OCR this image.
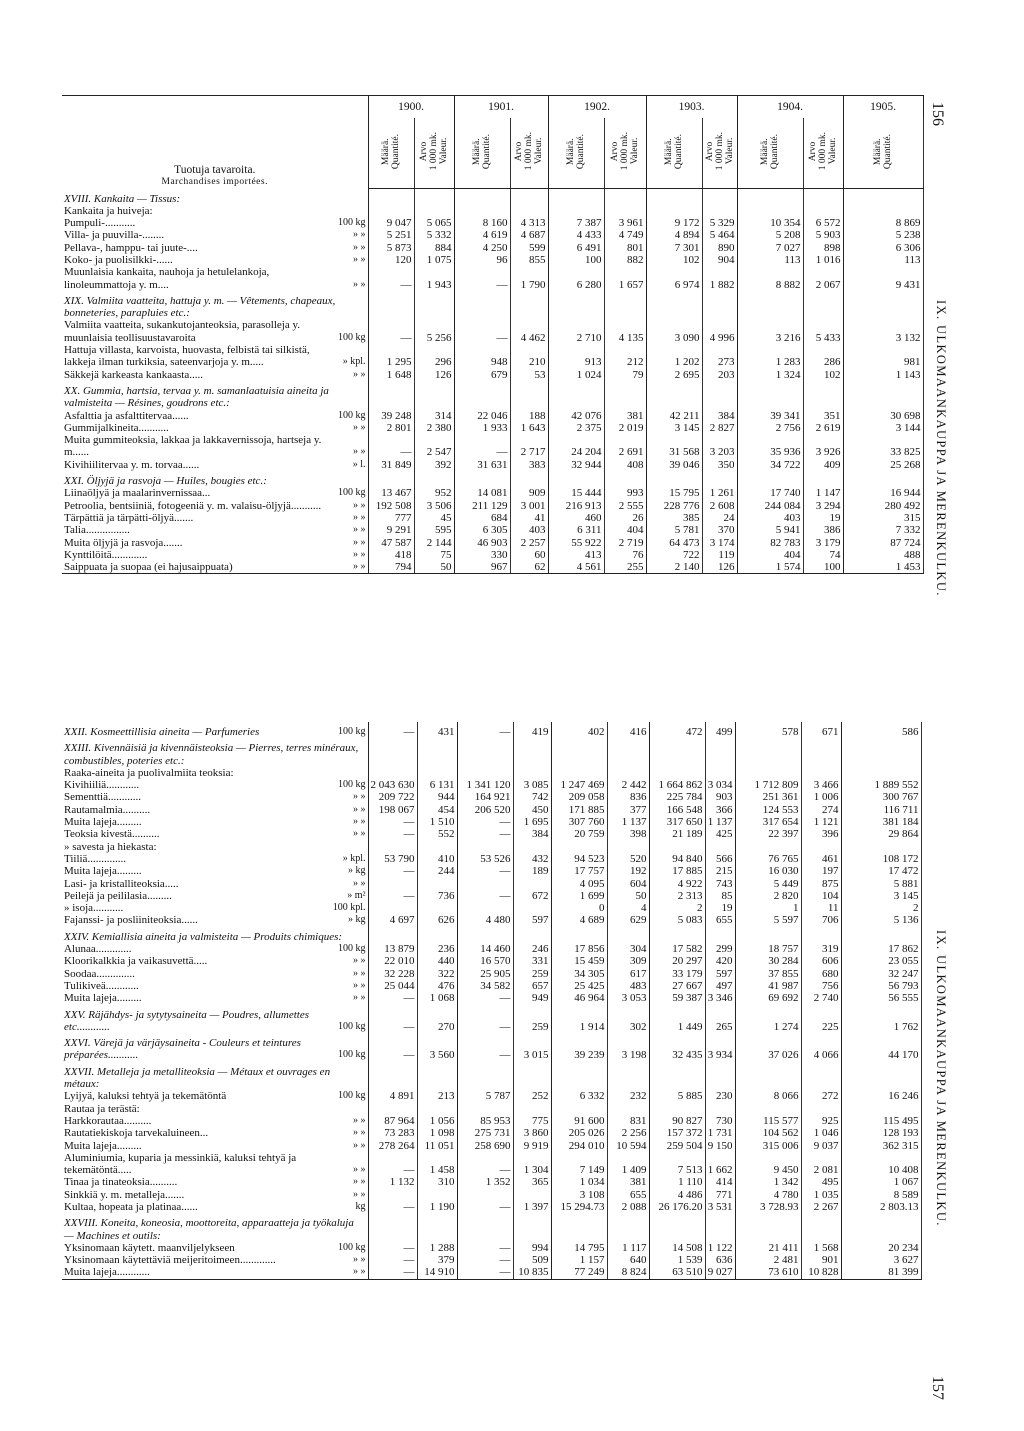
156
157
IX. ULKOMAANKAUPPA JA MERENKULKU.
IX. ULKOMAANKAUPPA JA MERENKULKU.
Tuotuja tavaroita.
Marchandises importées.		1900.		1901.		1902.		1903.		1904.		1905.
		Määrä.
Quantité.	Arvo
1 000 mk.
Valeur.	Määrä.
Quantité.	Arvo
1 000 mk.
Valeur.	Määrä.
Quantité.	Arvo
1 000 mk.
Valeur.	Määrä.
Quantité.	Arvo
1 000 mk.
Valeur.	Määrä.
Quantité.	Arvo
1 000 mk.
Valeur.	Määrä.
Quantité.
XVIII. Kankaita — Tissus:												
Kankaita ja huiveja:												
Pumpuli-...........	100 kg	9 047	5 065	8 160	4 313	7 387	3 961	9 172	5 329	10 354	6 572	8 869
Villa- ja puuvilla-........	» »	5 251	5 332	4 619	4 687	4 433	4 749	4 894	5 464	5 208	5 903	5 238
Pellava-, hamppu- tai juute-....	» »	5 873	884	4 250	599	6 491	801	7 301	890	7 027	898	6 306
Koko- ja puolisilkki-......	» »	120	1 075	96	855	100	882	102	904	113	1 016	113
Muunlaisia kankaita, nauhoja ja hetulelankoja, linoleummattoja y. m....	» »	—	1 943	—	1 790	6 280	1 657	6 974	1 882	8 882	2 067	9 431
XIX. Valmiita vaatteita, hattuja y. m. — Vêtements, chapeaux, bonneteries, parapluies etc.:												
Valmiita vaatteita, sukankutojanteoksia, parasolleja y. muunlaisia teollisuustavaroita	100 kg	—	5 256	—	4 462	2 710	4 135	3 090	4 996	3 216	5 433	3 132
Hattuja villasta, karvoista, huovasta, felbistä tai silkistä, lakkeja ilman turkiksia, sateenvarjoja y. m.....	» kpl.	1 295	296	948	210	913	212	1 202	273	1 283	286	981
Säkkejä karkeasta kankaasta.....	» »	1 648	126	679	53	1 024	79	2 695	203	1 324	102	1 143
XX. Gummia, hartsia, tervaa y. m. samanlaatuisia aineita ja valmisteita — Résines, goudrons etc.:												
Asfalttia ja asfalttitervaa......	100 kg	39 248	314	22 046	188	42 076	381	42 211	384	39 341	351	30 698
Gummijalkineita...........	» »	2 801	2 380	1 933	1 643	2 375	2 019	3 145	2 827	2 756	2 619	3 144
Muita gummiteoksia, lakkaa ja lakkavernissoja, hartseja y. m......	» »	—	2 547	—	2 717	24 204	2 691	31 568	3 203	35 936	3 926	33 825
Kivihiilitervaa y. m. torvaa......	» l.	31 849	392	31 631	383	32 944	408	39 046	350	34 722	409	25 268
XXI. Öljyjä ja rasvoja — Huiles, bougies etc.:												
Liinaöljyä ja maalarinvernissaa...	100 kg	13 467	952	14 081	909	15 444	993	15 795	1 261	17 740	1 147	16 944
Petroolia, bentsiiniä, fotogeeniä y. m. valaisu-öljyjä...........	» »	192 508	3 506	211 129	3 001	216 913	2 555	228 776	2 608	244 084	3 294	280 492
Tärpättiä ja tärpätti-öljyä.......	» »	777	45	684	41	460	26	385	24	403	19	315
Talia................	» »	9 291	595	6 305	403	6 311	404	5 781	370	5 941	386	7 332
Muita öljyjä ja rasvoja.......	» »	47 587	2 144	46 903	2 257	55 922	2 719	64 473	3 174	82 783	3 179	87 724
Kynttilöitä.............	» »	418	75	330	60	413	76	722	119	404	74	488
Saippuata ja suopaa (ei hajusaippuata)	» »	794	50	967	62	4 561	255	2 140	126	1 574	100	1 453
XXII. Kosmeettillisia aineita — Parfumeries	100 kg	—	431	—	419	402	416	472	499	578	671	586
XXIII. Kivennäisiä ja kivennäisteoksia — Pierres, terres minéraux, combustibles, poteries etc.:												
Raaka-aineita ja puolivalmiita teoksia:												
Kivihiiliä............	100 kg	2 043 630	6 131	1 341 120	3 085	1 247 469	2 442	1 664 862	3 034	1 712 809	3 466	1 889 552
Sementtiä............	» »	209 722	944	164 921	742	209 058	836	225 784	903	251 361	1 006	300 767
Rautamalmia..........	» »	198 067	454	206 520	450	171 885	377	166 548	366	124 553	274	116 711
Muita lajeja.........	» »	—	1 510	—	1 695	307 760	1 137	317 650	1 137	317 654	1 121	381 184
Teoksia kivestä..........	» »	—	552	—	384	20 759	398	21 189	425	22 397	396	29 864
» savesta ja hiekasta:												
Tiiliä..............	» kpl.	53 790	410	53 526	432	94 523	520	94 840	566	76 765	461	108 172
Muita lajeja.........	» kg	—	244	—	189	17 757	192	17 885	215	16 030	197	17 472
Lasi- ja kristalliteoksia.....	» »					4 095	604	4 922	743	5 449	875	5 881
Peilejä ja peililasia.........	» m²	—	736	—	672	1 699	50	2 313	85	2 820	104	3 145
» isoja...........	100 kpl.					0	4	2	19	1	11	2
Fajanssi- ja posliiniteoksia......	» kg	4 697	626	4 480	597	4 689	629	5 083	655	5 597	706	5 136
XXIV. Kemiallisia aineita ja valmisteita — Produits chimiques:												
Alunaa.............	100 kg	13 879	236	14 460	246	17 856	304	17 582	299	18 757	319	17 862
Kloorikalkkia ja vaikasuvettä.....	» »	22 010	440	16 570	331	15 459	309	20 297	420	30 284	606	23 055
Soodaa..............	» »	32 228	322	25 905	259	34 305	617	33 179	597	37 855	680	32 247
Tulikiveä............	» »	25 044	476	34 582	657	25 425	483	27 667	497	41 987	756	56 793
Muita lajeja.........	» »	—	1 068	—	949	46 964	3 053	59 387	3 346	69 692	2 740	56 555
XXV. Räjähdys- ja sytytysaineita — Poudres, allumettes etc............	100 kg	—	270	—	259	1 914	302	1 449	265	1 274	225	1 762
XXVI. Värejä ja värjäysaineita - Couleurs et teintures préparées...........	100 kg	—	3 560	—	3 015	39 239	3 198	32 435	3 934	37 026	4 066	44 170
XXVII. Metalleja ja metalliteoksia — Métaux et ouvrages en métaux:												
Lyijyä, kaluksi tehtyä ja tekemätöntä	100 kg	4 891	213	5 787	252	6 332	232	5 885	230	8 066	272	16 246
Rautaa ja terästä:												
Harkkorautaa..........	» »	87 964	1 056	85 953	775	91 600	831	90 827	730	115 577	925	115 495
Rautatiekiskoja tarvekaluineen...	» »	73 283	1 098	275 731	3 860	205 026	2 256	157 372	1 731	104 562	1 046	128 193
Muita lajeja.........	» »	278 264	11 051	258 690	9 919	294 010	10 594	259 504	9 150	315 006	9 037	362 315
Aluminiumia, kuparia ja messinkiä, kaluksi tehtyä ja tekemätöntä.....	» »	—	1 458	—	1 304	7 149	1 409	7 513	1 662	9 450	2 081	10 408
Tinaa ja tinateoksia..........	» »	1 132	310	1 352	365	1 034	381	1 110	414	1 342	495	1 067
Sinkkiä y. m. metalleja.......	» »					3 108	655	4 486	771	4 780	1 035	8 589
Kultaa, hopeata ja platinaa......	kg	—	1 190	—	1 397	15 294.73	2 088	26 176.20	3 531	3 728.93	2 267	2 803.13
XXVIII. Koneita, koneosia, moottoreita, apparaatteja ja työkaluja — Machines et outils:												
Yksinomaan käytett. maanviljelykseen	100 kg	—	1 288	—	994	14 795	1 117	14 508	1 122	21 411	1 568	20 234
Yksinomaan käytettäviä meijeritoimeen.............	» »	—	379	—	509	1 157	640	1 539	636	2 481	901	3 627
Muita lajeja............	» »	—	14 910	—	10 835	77 249	8 824	63 510	9 027	73 610	10 828	81 399
